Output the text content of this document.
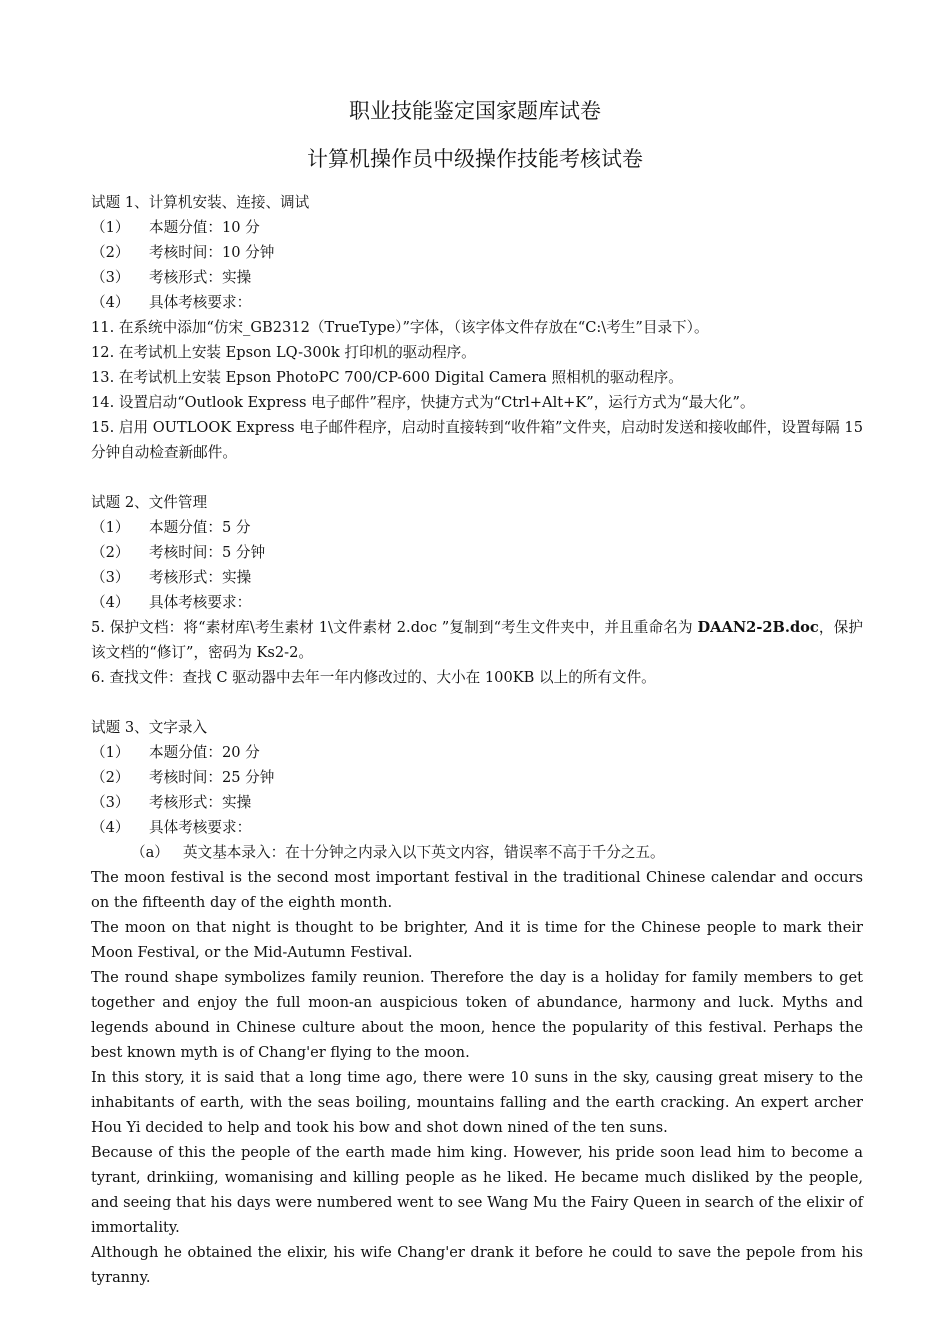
职业技能鉴定国家题库试卷
计算机操作员中级操作技能考核试卷
试题 1、计算机安装、连接、调试
（1） 本题分值：10 分
（2） 考核时间：10 分钟
（3） 考核形式：实操
（4） 具体考核要求：
11. 在系统中添加“仿宋_GB2312（TrueType）”字体，（该字体文件存放在“C:\考生”目录下）。
12. 在考试机上安装 Epson LQ-300k 打印机的驱动程序。
13. 在考试机上安装 Epson PhotoPC 700/CP-600 Digital Camera 照相机的驱动程序。
14. 设置启动“Outlook Express 电子邮件”程序，快捷方式为“Ctrl+Alt+K”，运行方式为“最大化”。
15. 启用 OUTLOOK Express 电子邮件程序，启动时直接转到“收件箱”文件夹，启动时发送和接收邮件，设置每隔 15 分钟自动检查新邮件。
试题 2、文件管理
（1） 本题分值：5 分
（2） 考核时间：5 分钟
（3） 考核形式：实操
（4） 具体考核要求：
5. 保护文档：将“素材库\考生素材 1\文件素材 2.doc ”复制到“考生文件夹中，并且重命名为 DAAN2-2B.doc，保护该文档的“修订”，密码为 Ks2-2。
6. 查找文件：查找 C 驱动器中去年一年内修改过的、大小在 100KB 以上的所有文件。
试题 3、文字录入
（1） 本题分值：20 分
（2） 考核时间：25 分钟
（3） 考核形式：实操
（4） 具体考核要求：
（a） 英文基本录入：在十分钟之内录入以下英文内容，错误率不高于千分之五。
The moon festival is the second most important festival in the traditional Chinese calendar and occurs on the fifteenth day of the eighth month.
The moon on that night is thought to be brighter, And it is time for the Chinese people to mark their Moon Festival, or the Mid-Autumn Festival.
The round shape symbolizes family reunion. Therefore the day is a holiday for family members to get together and enjoy the full moon-an auspicious token of abundance, harmony and luck. Myths and legends abound in Chinese culture about the moon, hence the popularity of this festival. Perhaps the best known myth is of Chang'er flying to the moon.
In this story, it is said that a long time ago, there were 10 suns in the sky, causing great misery to the inhabitants of earth, with the seas boiling, mountains falling and the earth cracking. An expert archer Hou Yi decided to help and took his bow and shot down nined of the ten suns.
Because of this the people of the earth made him king. However, his pride soon lead him to become a tyrant, drinkiing, womanising and killing people as he liked. He became much disliked by the people, and seeing that his days were numbered went to see Wang Mu the Fairy Queen in search of the elixir of immortality.
Although he obtained the elixir, his wife Chang'er drank it before he could to save the pepole from his tyranny.
